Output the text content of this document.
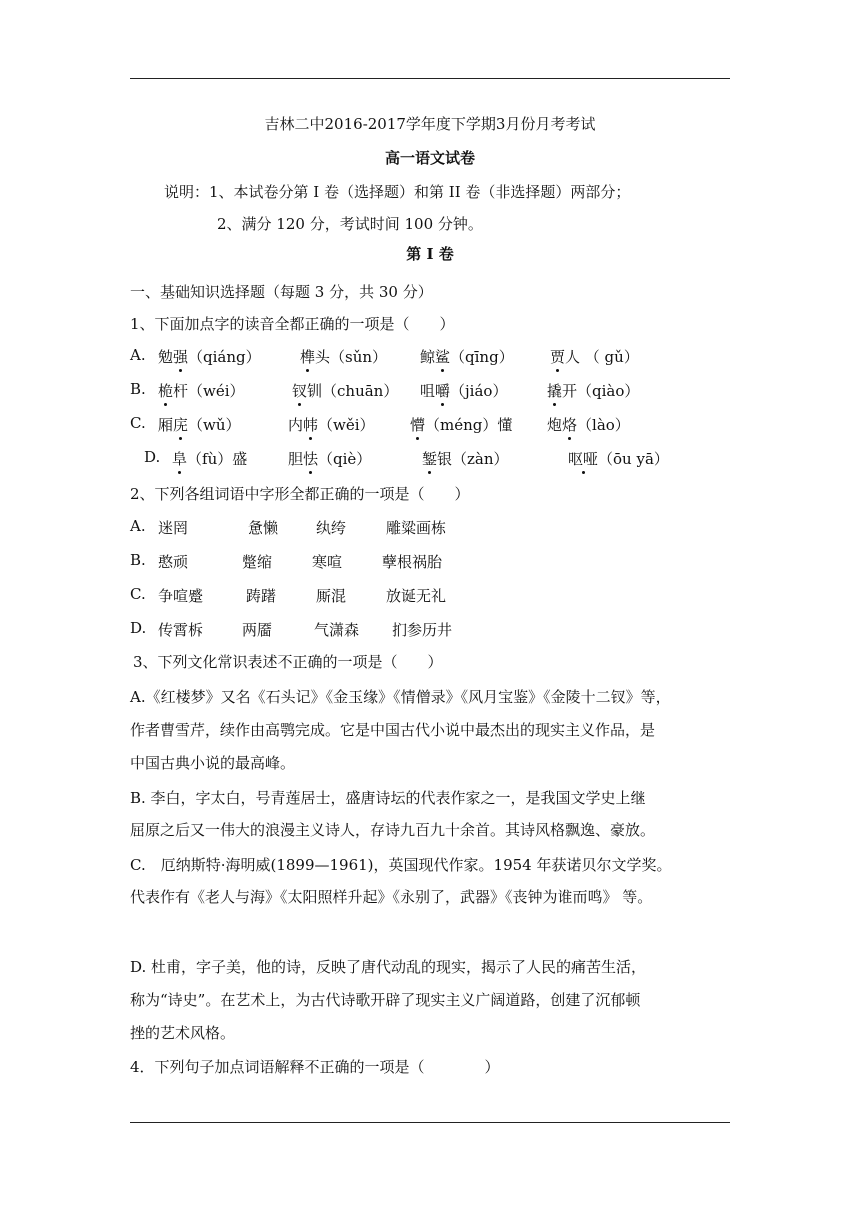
吉林二中2016-2017学年度下学期3月份月考考试
高一语文试卷
说明：1、本试卷分第 I 卷（选择题）和第 II 卷（非选择题）两部分；
2、满分 120 分，考试时间 100 分钟。
第 I 卷
一、基础知识选择题（每题 3 分，共 30 分）
1、下面加点字的读音全都正确的一项是（　　）
A. 勉强（qiáng）	榫头（sǔn） 鲸鲨（qīng） 贾人 （ gǔ）
B. 桅杆（wéi）	钗钏（chuān） 咀嚼（jiáo）	撬开（qiào）
C. 厢庑（wǔ）	内帏（wěi） 懵（méng）懂 炮烙（lào）
D. 阜（fù）盛	胆怯（qiè）	錾银（zàn）	呕哑（ōu yā）
2、下列各组词语中字形全都正确的一项是（　　）
A. 迷罔	惫懒	纨绔	雕粱画栋
B. 憨顽	蹩缩	寒喧	孽根祸胎
C. 争喧蹙	踌躇	厮混	放诞无礼
D. 传霄柝	两靥	气潇森 扪参历井
3、下列文化常识表述不正确的一项是（　　）
A.《红楼梦》又名《石头记》《金玉缘》《情僧录》《风月宝鉴》《金陵十二钗》等，
作者曹雪芹，续作由高鹗完成。它是中国古代小说中最杰出的现实主义作品，是
中国古典小说的最高峰。
B. 李白，字太白，号青莲居士，盛唐诗坛的代表作家之一，是我国文学史上继
屈原之后又一伟大的浪漫主义诗人，存诗九百九十余首。其诗风格飘逸、豪放。
C.　厄纳斯特·海明威(1899—1961)，英国现代作家。1954 年获诺贝尔文学奖。
代表作有《老人与海》《太阳照样升起》《永别了，武器》《丧钟为谁而鸣》 等。
D. 杜甫，字子美，他的诗，反映了唐代动乱的现实，揭示了人民的痛苦生活，
称为“诗史”。在艺术上，为古代诗歌开辟了现实主义广阔道路，创建了沉郁顿
挫的艺术风格。
4．下列句子加点词语解释不正确的一项是（　　　　）
